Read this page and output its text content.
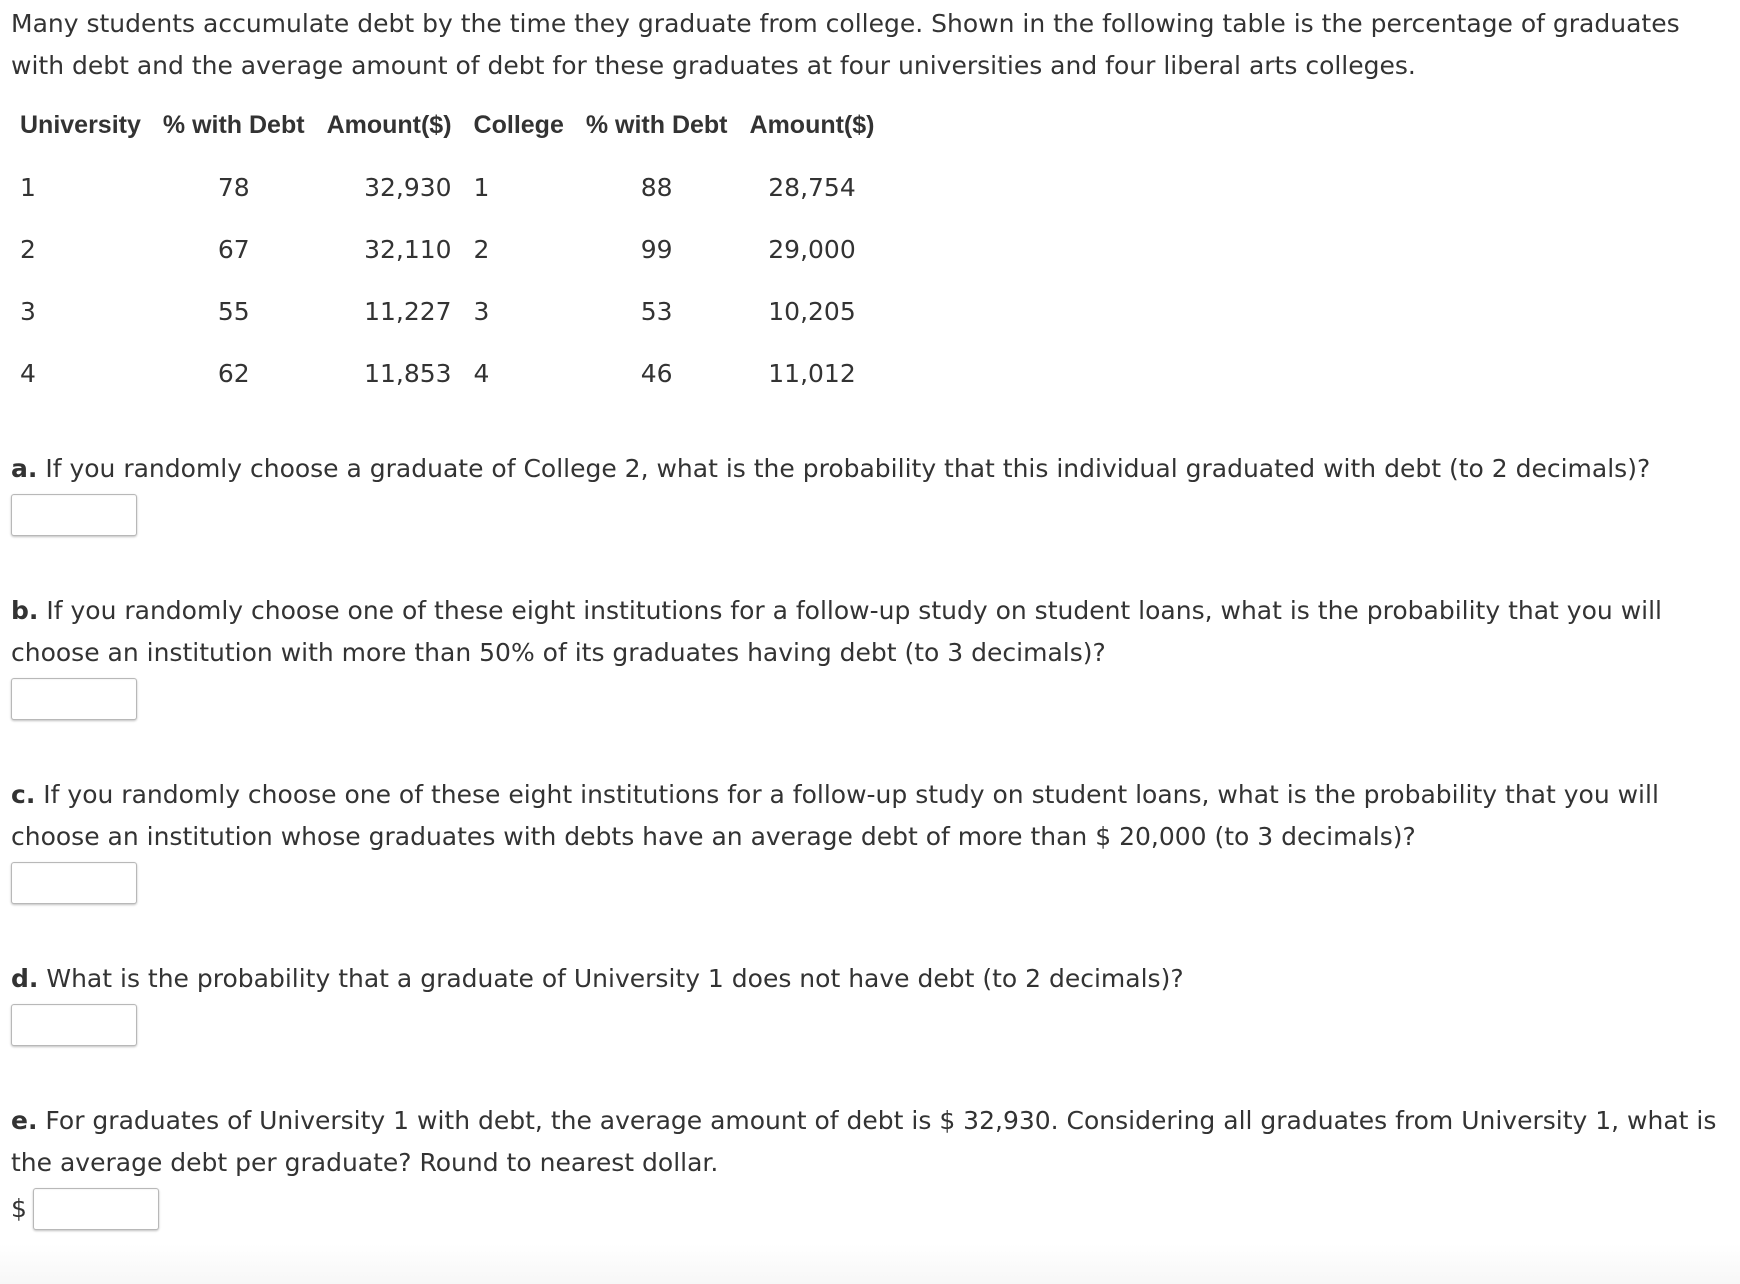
Many students accumulate debt by the time they graduate from college. Shown in the following table is the percentage of graduates with debt and the average amount of debt for these graduates at four universities and four liberal arts colleges.

University	% with Debt	Amount($)	College	% with Debt	Amount($)
1	78	32,930	1	88	28,754
2	67	32,110	2	99	29,000
3	55	11,227	3	53	10,205
4	62	11,853	4	46	11,012

a. If you randomly choose a graduate of College 2, what is the probability that this individual graduated with debt (to 2 decimals)?

b. If you randomly choose one of these eight institutions for a follow-up study on student loans, what is the probability that you will choose an institution with more than 50% of its graduates having debt (to 3 decimals)?

c. If you randomly choose one of these eight institutions for a follow-up study on student loans, what is the probability that you will choose an institution whose graduates with debts have an average debt of more than $ 20,000 (to 3 decimals)?

d. What is the probability that a graduate of University 1 does not have debt (to 2 decimals)?

e. For graduates of University 1 with debt, the average amount of debt is $ 32,930. Considering all graduates from University 1, what is the average debt per graduate? Round to nearest dollar.

$
